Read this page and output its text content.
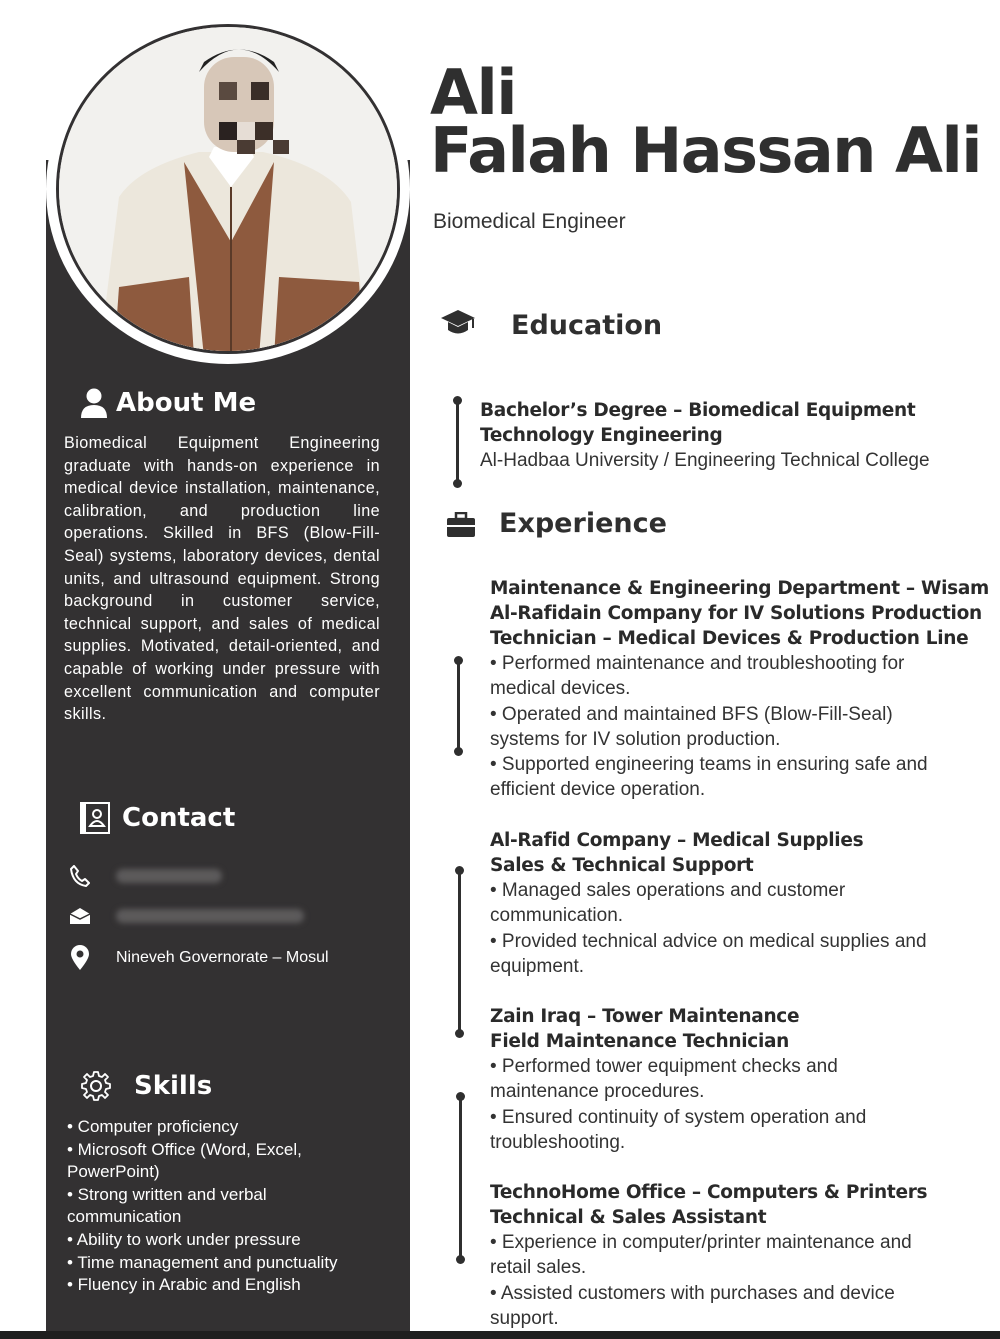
About Me
Biomedical Equipment Engineering graduate with hands-on experience in medical device installation, maintenance, calibration, and production line operations. Skilled in BFS (Blow-Fill-Seal) systems, laboratory devices, dental units, and ultrasound equipment. Strong background in customer service, technical support, and sales of medical supplies. Motivated, detail-oriented, and capable of working under pressure with excellent communication and computer skills.
Contact
Nineveh Governorate – Mosul
Skills
• Computer proficiency
• Microsoft Office (Word, Excel, PowerPoint)
• Strong written and verbal communication
• Ability to work under pressure
• Time management and punctuality
• Fluency in Arabic and English
Ali
Falah Hassan Ali
Biomedical Engineer
Education
Bachelor’s Degree – Biomedical Equipment
Technology Engineering
Al-Hadbaa University / Engineering Technical College
Experience
Maintenance & Engineering Department – Wisam
Al-Rafidain Company for IV Solutions Production
Technician – Medical Devices & Production Line
• Performed maintenance and troubleshooting for
medical devices.
• Operated and maintained BFS (Blow-Fill-Seal)
systems for IV solution production.
• Supported engineering teams in ensuring safe and
efficient device operation.
Al-Rafid Company – Medical Supplies
Sales & Technical Support
• Managed sales operations and customer
communication.
• Provided technical advice on medical supplies and
equipment.
Zain Iraq – Tower Maintenance
Field Maintenance Technician
• Performed tower equipment checks and
maintenance procedures.
• Ensured continuity of system operation and
troubleshooting.
TechnoHome Office – Computers & Printers
Technical & Sales Assistant
• Experience in computer/printer maintenance and
retail sales.
• Assisted customers with purchases and device
support.
